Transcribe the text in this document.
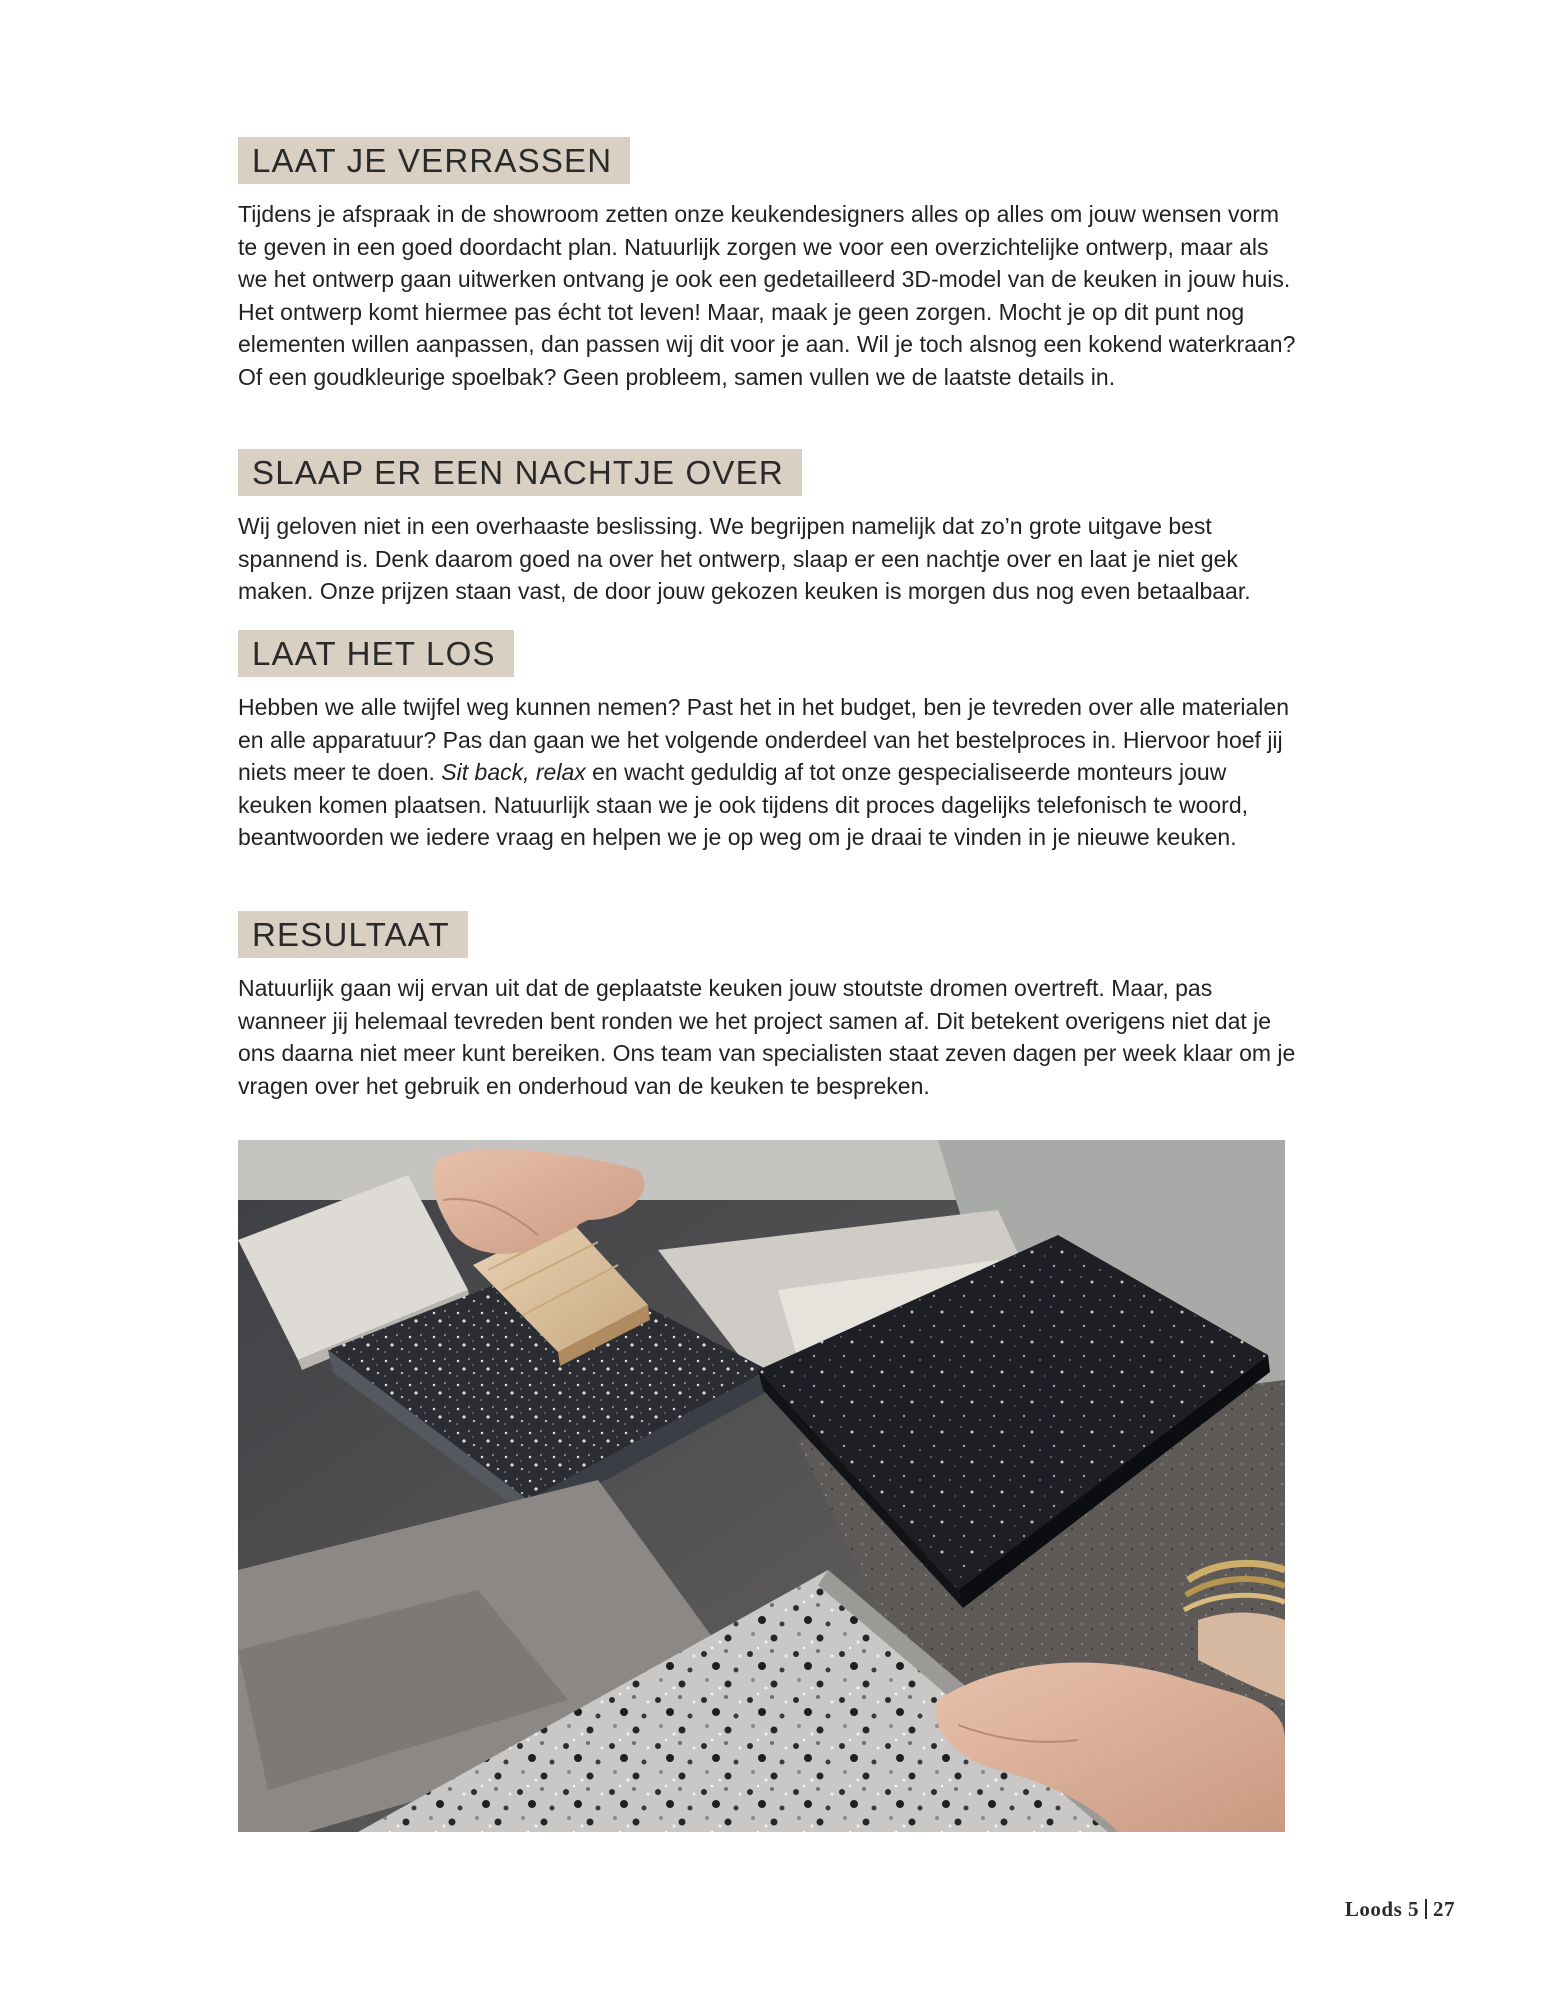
LAAT JE VERRASSEN

Tijdens je afspraak in de showroom zetten onze keukendesigners alles op alles om jouw wensen vorm te geven in een goed doordacht plan. Natuurlijk zorgen we voor een overzichtelijke ontwerp, maar als we het ontwerp gaan uitwerken ontvang je ook een gedetailleerd 3D-model van de keuken in jouw huis. Het ontwerp komt hiermee pas écht tot leven! Maar, maak je geen zorgen. Mocht je op dit punt nog elementen willen aanpassen, dan passen wij dit voor je aan. Wil je toch alsnog een kokend waterkraan? Of een goudkleurige spoelbak? Geen probleem, samen vullen we de laatste details in.

SLAAP ER EEN NACHTJE OVER

Wij geloven niet in een overhaaste beslissing. We begrijpen namelijk dat zo’n grote uitgave best spannend is. Denk daarom goed na over het ontwerp, slaap er een nachtje over en laat je niet gek maken. Onze prijzen staan vast, de door jouw gekozen keuken is morgen dus nog even betaalbaar.

LAAT HET LOS

Hebben we alle twijfel weg kunnen nemen? Past het in het budget, ben je tevreden over alle materialen en alle apparatuur? Pas dan gaan we het volgende onderdeel van het bestelproces in. Hiervoor hoef jij niets meer te doen. Sit back, relax en wacht geduldig af tot onze gespecialiseerde monteurs jouw keuken komen plaatsen. Natuurlijk staan we je ook tijdens dit proces dagelijks telefonisch te woord, beantwoorden we iedere vraag en helpen we je op weg om je draai te vinden in je nieuwe keuken.

RESULTAAT

Natuurlijk gaan wij ervan uit dat de geplaatste keuken jouw stoutste dromen overtreft. Maar, pas wanneer jij helemaal tevreden bent ronden we het project samen af. Dit betekent overigens niet dat je ons daarna niet meer kunt bereiken. Ons team van specialisten staat zeven dagen per week klaar om je vragen over het gebruik en onderhoud van de keuken te bespreken.

Loods 5 27
